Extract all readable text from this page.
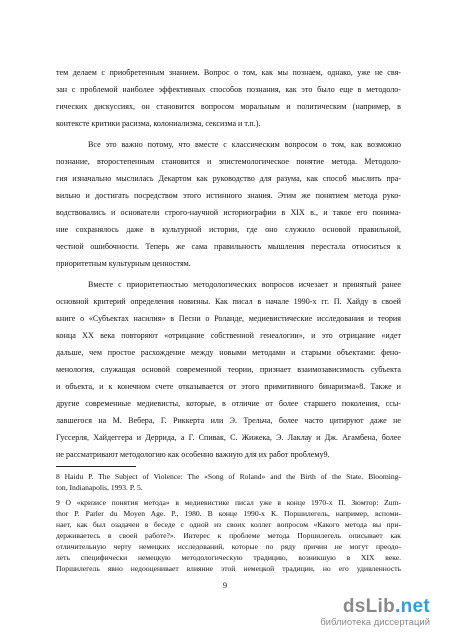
тем делаем с приобретенным знанием. Вопрос о том, как мы познаем, однако, уже не свя-
зан с проблемой наиболее эффективных способов познания, как это было еще в методоло-
гических дискуссиях, он становится вопросом моральным и политическим (например, в
контексте критики расизма, колониализма, сексизма и т.п.).
Все это важно потому, что вместе с классическим вопросом о том, как возможно
познание, второстепенным становится и эпистемологическое понятие метода. Методоло-
гия изначально мыслилась Декартом как руководство для разума, как способ мыслить пра-
вильно и достигать посредством этого истинного знания. Этим же понятием метода руко-
водствовались и основатели строго-научной историографии в XIX в., и такое его понима-
ние сохранялось даже в культурной истории, где оно служило основой правильной,
честной ошибочности. Теперь же сама правильность мышления перестала относиться к
приоритетным культурным ценностям.
Вместе с приоритетностью методологических вопросов исчезает и принятый ранее
основной критерий определения новизны. Как писал в начале 1990-х гг. П. Хайду в своей
книге о «Субъектах насилия» в Песни о Роланде, медиевистические исследования и теория
конца XX века повторяют «отрицание собственной генеалогии», и это отрицание «идет
дальше, чем простое расхождение между новыми методами и старыми объектами: фено-
менология, служащая основой современной теории, признает взаимозависимость субъекта
и объекта, и к конечном счете отказывается от этого примитивного бинаризма»8. Также и
другие современные медиевисты, которые, в отличие от более старшего поколения, ссы-
лавшегося на М. Вебера, Г. Риккерта или Э. Трельча, более часто цитируют даже не
Гуссерля, Хайдеггера и Деррида, а Г. Спивак, С. Жижека, Э. Лаклау и Дж. Агамбена, более
не рассматривают методологию как особенно важную для их работ проблему9.
8 Haidu P. The Subject of Violence: The «Song of Roland» and the Birth of the State. Blooming-
ton, Indianapolis, 1993. P. 5.
9 О «кризисе понятия метода» в медиевистике писал уже в конце 1970-х П. Зюмтор: Zum-
thor P. Parler du Moyen Age. P., 1980. В конце 1990-х К. Поршилегель, например, вспоми-
нает, как был озадачен в беседе с одной из своих коллег вопросом «Какого метода вы при-
держиваетесь в своей работе?». Интерес к проблеме метода Поршилегель описывает как
отличительную черту немецких исследований, которые по ряду причин не могут преодо-
леть специфически немецкую методологическую традицию, возникшую в XIX веке.
Поршилегель явно недооценивает влияние этой немецкой традиции, но его удивленность
9
dsLib.net
библиотека диссертаций
